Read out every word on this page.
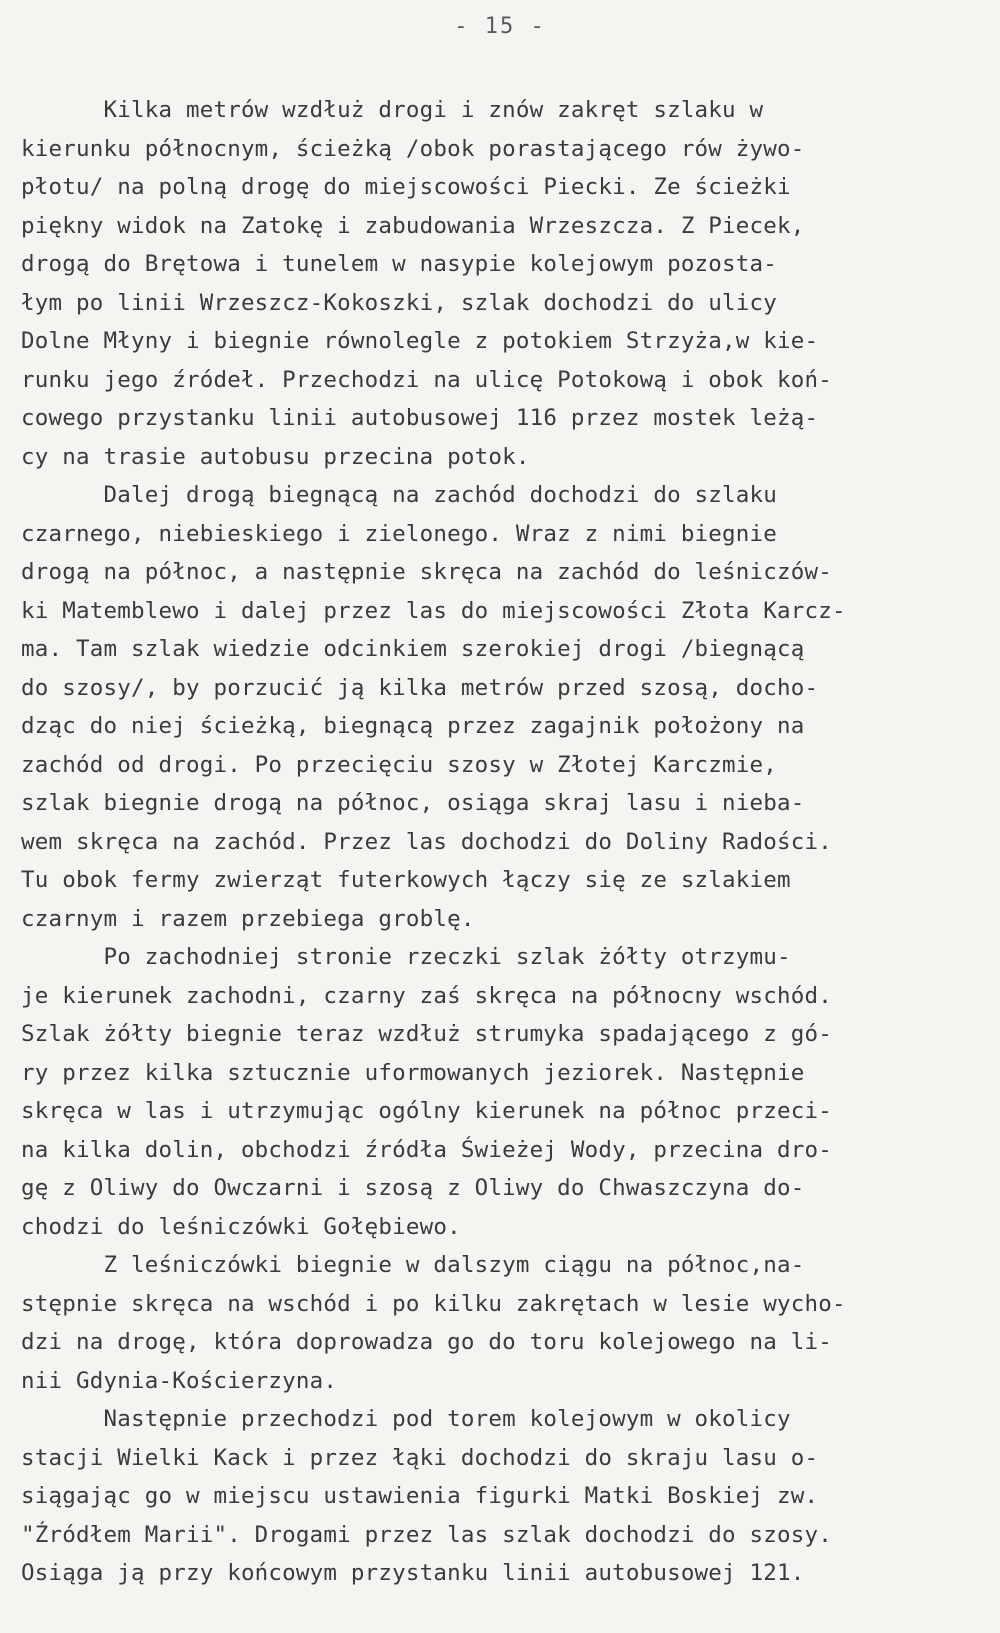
- 15 -
Kilka metrów wzdłuż drogi i znów zakręt szlaku w
kierunku północnym, ścieżką /obok porastającego rów żywo-
płotu/ na polną drogę do miejscowości Piecki. Ze ścieżki
piękny widok na Zatokę i zabudowania Wrzeszcza. Z Piecek,
drogą do Brętowa i tunelem w nasypie kolejowym pozosta-
łym po linii Wrzeszcz-Kokoszki, szlak dochodzi do ulicy
Dolne Młyny i biegnie równolegle z potokiem Strzyża,w kie-
runku jego źródeł. Przechodzi na ulicę Potokową i obok koń-
cowego przystanku linii autobusowej 116 przez mostek leżą-
cy na trasie autobusu przecina potok.
Dalej drogą biegnącą na zachód dochodzi do szlaku
czarnego, niebieskiego i zielonego. Wraz z nimi biegnie
drogą na północ, a następnie skręca na zachód do leśniczów-
ki Matemblewo i dalej przez las do miejscowości Złota Karcz-
ma. Tam szlak wiedzie odcinkiem szerokiej drogi /biegnącą
do szosy/, by porzucić ją kilka metrów przed szosą, docho-
dząc do niej ścieżką, biegnącą przez zagajnik położony na
zachód od drogi. Po przecięciu szosy w Złotej Karczmie,
szlak biegnie drogą na północ, osiąga skraj lasu i nieba-
wem skręca na zachód. Przez las dochodzi do Doliny Radości.
Tu obok fermy zwierząt futerkowych łączy się ze szlakiem
czarnym i razem przebiega groblę.
Po zachodniej stronie rzeczki szlak żółty otrzymu-
je kierunek zachodni, czarny zaś skręca na północny wschód.
Szlak żółty biegnie teraz wzdłuż strumyka spadającego z gó-
ry przez kilka sztucznie uformowanych jeziorek. Następnie
skręca w las i utrzymując ogólny kierunek na północ przeci-
na kilka dolin, obchodzi źródła Świeżej Wody, przecina dro-
gę z Oliwy do Owczarni i szosą z Oliwy do Chwaszczyna do-
chodzi do leśniczówki Gołębiewo.
Z leśniczówki biegnie w dalszym ciągu na północ,na-
stępnie skręca na wschód i po kilku zakrętach w lesie wycho-
dzi na drogę, która doprowadza go do toru kolejowego na li-
nii Gdynia-Kościerzyna.
Następnie przechodzi pod torem kolejowym w okolicy
stacji Wielki Kack i przez łąki dochodzi do skraju lasu o-
siągając go w miejscu ustawienia figurki Matki Boskiej zw.
"Źródłem Marii". Drogami przez las szlak dochodzi do szosy.
Osiąga ją przy końcowym przystanku linii autobusowej 121.
